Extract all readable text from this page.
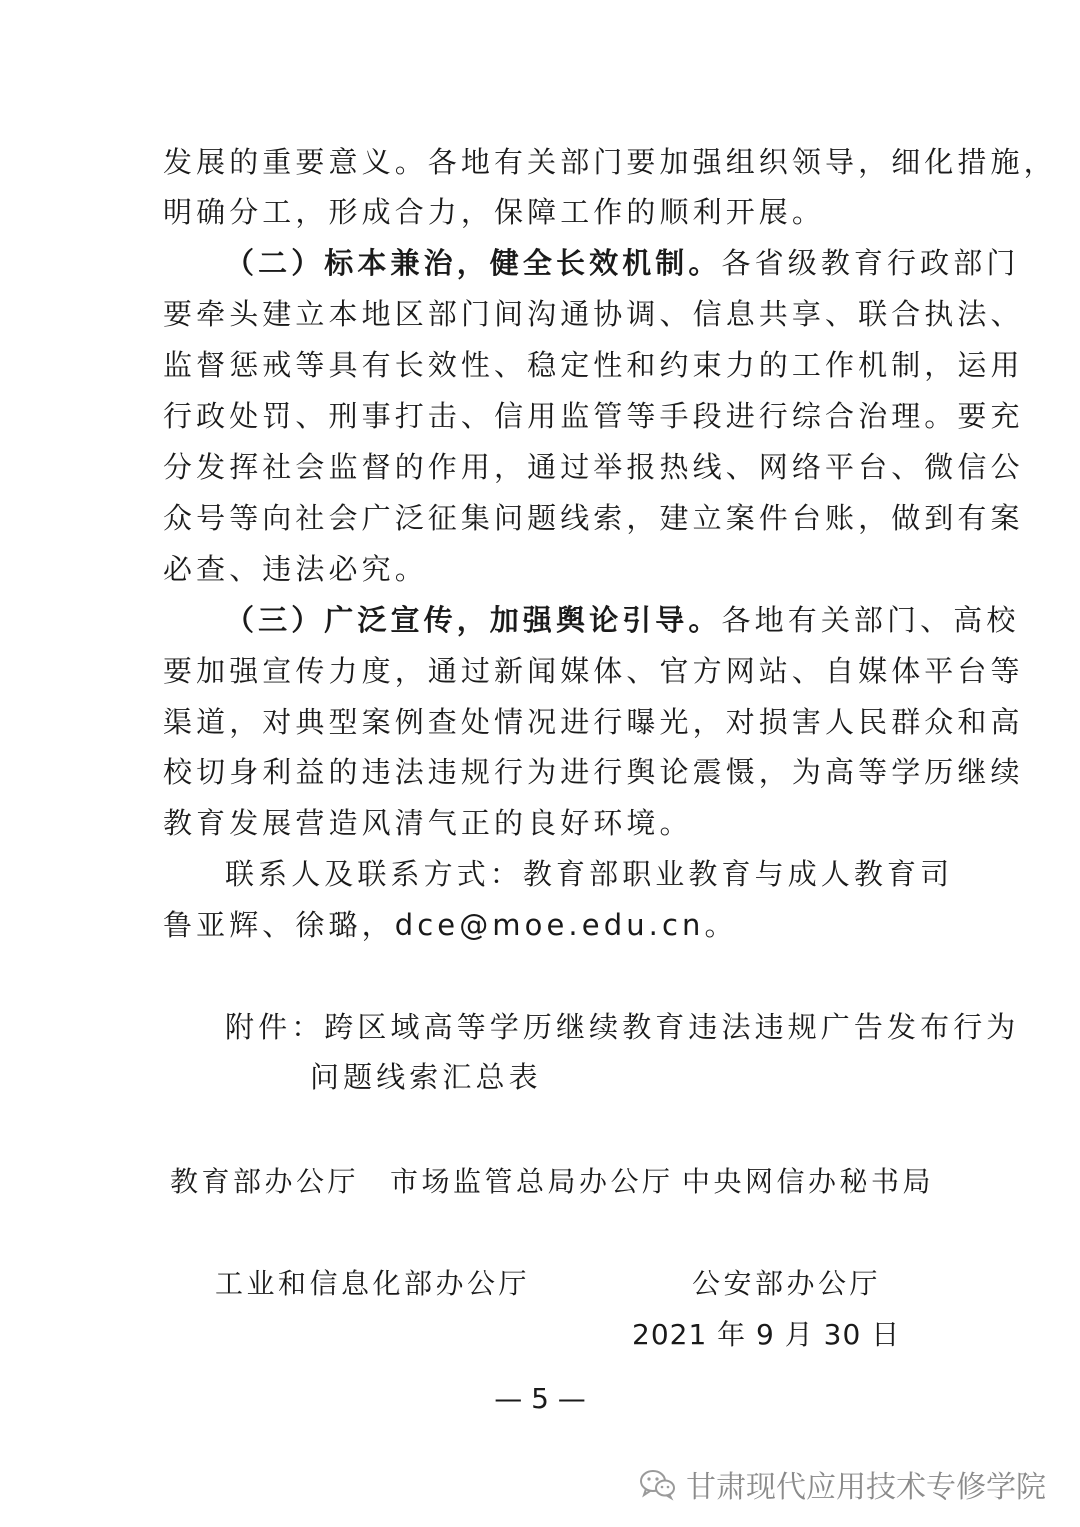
发展的重要意义。各地有关部门要加强组织领导，细化措施，
明确分工，形成合力，保障工作的顺利开展。
（二）标本兼治，健全长效机制。各省级教育行政部门
要牵头建立本地区部门间沟通协调、信息共享、联合执法、
监督惩戒等具有长效性、稳定性和约束力的工作机制，运用
行政处罚、刑事打击、信用监管等手段进行综合治理。要充
分发挥社会监督的作用，通过举报热线、网络平台、微信公
众号等向社会广泛征集问题线索，建立案件台账，做到有案
必查、违法必究。
（三）广泛宣传，加强舆论引导。各地有关部门、高校
要加强宣传力度，通过新闻媒体、官方网站、自媒体平台等
渠道，对典型案例查处情况进行曝光，对损害人民群众和高
校切身利益的违法违规行为进行舆论震慑，为高等学历继续
教育发展营造风清气正的良好环境。
联系人及联系方式：教育部职业教育与成人教育司
鲁亚辉、徐璐，dce@moe.edu.cn。
附件：跨区域高等学历继续教育违法违规广告发布行为
问题线索汇总表
教育部办公厅 市场监管总局办公厅 中央网信办秘书局
工业和信息化部办公厅	公安部办公厅
2021 年 9 月 30 日
— 5 —
甘肃现代应用技术专修学院
